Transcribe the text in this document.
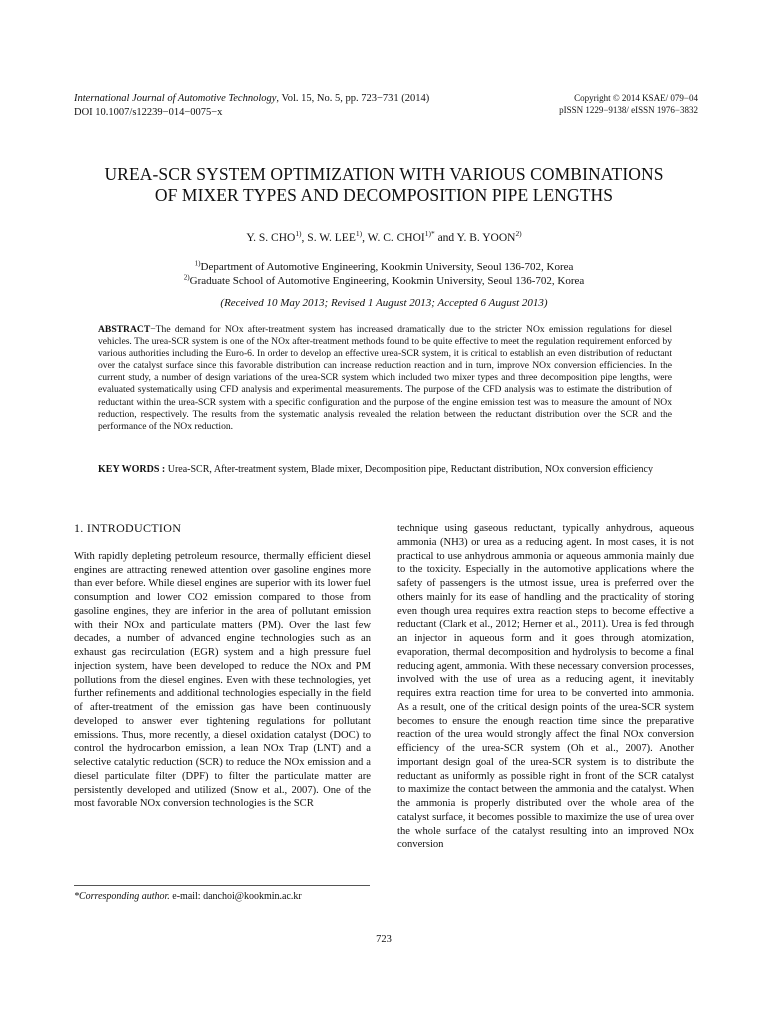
International Journal of Automotive Technology, Vol. 15, No. 5, pp. 723−731 (2014)
DOI 10.1007/s12239−014−0075−x
Copyright © 2014 KSAE/ 079−04
pISSN 1229−9138/ eISSN 1976−3832
UREA-SCR SYSTEM OPTIMIZATION WITH VARIOUS COMBINATIONS
OF MIXER TYPES AND DECOMPOSITION PIPE LENGTHS
Y. S. CHO$^{1)}$, S. W. LEE$^{1)}$, W. C. $CHOI^{1)*}$ and Y. B. YOON$^{2)}$
$^{1)}$Department of Automotive Engineering, Kookmin University, Seoul 136-702, Korea
$^{2)}$Graduate School of Automotive Engineering, Kookmin University, Seoul 136-702, Korea
(Received 10 May 2013; Revised 1 August 2013; Accepted 6 August 2013)
ABSTRACT−The demand for NOx after-treatment system has increased dramatically due to the stricter NOx emission regulations for diesel vehicles. The urea-SCR system is one of the NOx after-treatment methods found to be quite effective to meet the regulation requirement enforced by various authorities including the Euro-6. In order to develop an effective urea-SCR system, it is critical to establish an even distribution of reductant over the catalyst surface since this favorable distribution can increase reduction reaction and in turn, improve NOx conversion efficiencies. In the current study, a number of design variations of the urea-SCR system which included two mixer types and three decomposition pipe lengths, were evaluated systematically using CFD analysis and experimental measurements. The purpose of the CFD analysis was to estimate the distribution of reductant within the urea-SCR system with a specific configuration and the purpose of the engine emission test was to measure the amount of NOx reduction, respectively. The results from the systematic analysis revealed the relation between the reductant distribution over the SCR and the performance of the NOx reduction.
KEY WORDS : Urea-SCR, After-treatment system, Blade mixer, Decomposition pipe, Reductant distribution, NOx conversion efficiency
1. INTRODUCTION

With rapidly depleting petroleum resource, thermally efficient diesel engines are attracting renewed attention over gasoline engines more than ever before. While diesel engines are superior with its lower fuel consumption and lower CO2 emission compared to those from gasoline engines, they are inferior in the area of pollutant emission with their NOx and particulate matters (PM). Over the last few decades, a number of advanced engine technologies such as an exhaust gas recirculation (EGR) system and a high pressure fuel injection system, have been developed to reduce the NOx and PM pollutions from the diesel engines. Even with these technologies, yet further refinements and additional technologies especially in the field of after-treatment of the emission gas have been continuously developed to answer ever tightening regulations for pollutant emissions. Thus, more recently, a diesel oxidation catalyst (DOC) to control the hydrocarbon emission, a lean NOx Trap (LNT) and a selective catalytic reduction (SCR) to reduce the NOx emission and a diesel particulate filter (DPF) to filter the particulate matter are persistently developed and utilized (Snow et al., 2007). One of the most favorable NOx conversion technologies is the SCR

technique using gaseous reductant, typically anhydrous, aqueous ammonia (NH3) or urea as a reducing agent. In most cases, it is not practical to use anhydrous ammonia or aqueous ammonia mainly due to the toxicity. Especially in the automotive applications where the safety of passengers is the utmost issue, urea is preferred over the others mainly for its ease of handling and the practicality of storing even though urea requires extra reaction steps to become effective a reductant (Clark et al., 2012; Herner et al., 2011). Urea is fed through an injector in aqueous form and it goes through atomization, evaporation, thermal decomposition and hydrolysis to become a final reducing agent, ammonia. With these necessary conversion processes, involved with the use of urea as a reducing agent, it inevitably requires extra reaction time for urea to be converted into ammonia. As a result, one of the critical design points of the urea-SCR system becomes to ensure the enough reaction time since the preparative reaction of the urea would strongly affect the final NOx conversion efficiency of the urea-SCR system (Oh et al., 2007). Another important design goal of the urea-SCR system is to distribute the reductant as uniformly as possible right in front of the SCR catalyst to maximize the contact between the ammonia and the catalyst. When the ammonia is properly distributed over the whole area of the catalyst surface, it becomes possible to maximize the use of urea over the whole surface of the catalyst resulting into an improved NOx conversion

*Corresponding author. e-mail: danchoi@kookmin.ac.kr
723
